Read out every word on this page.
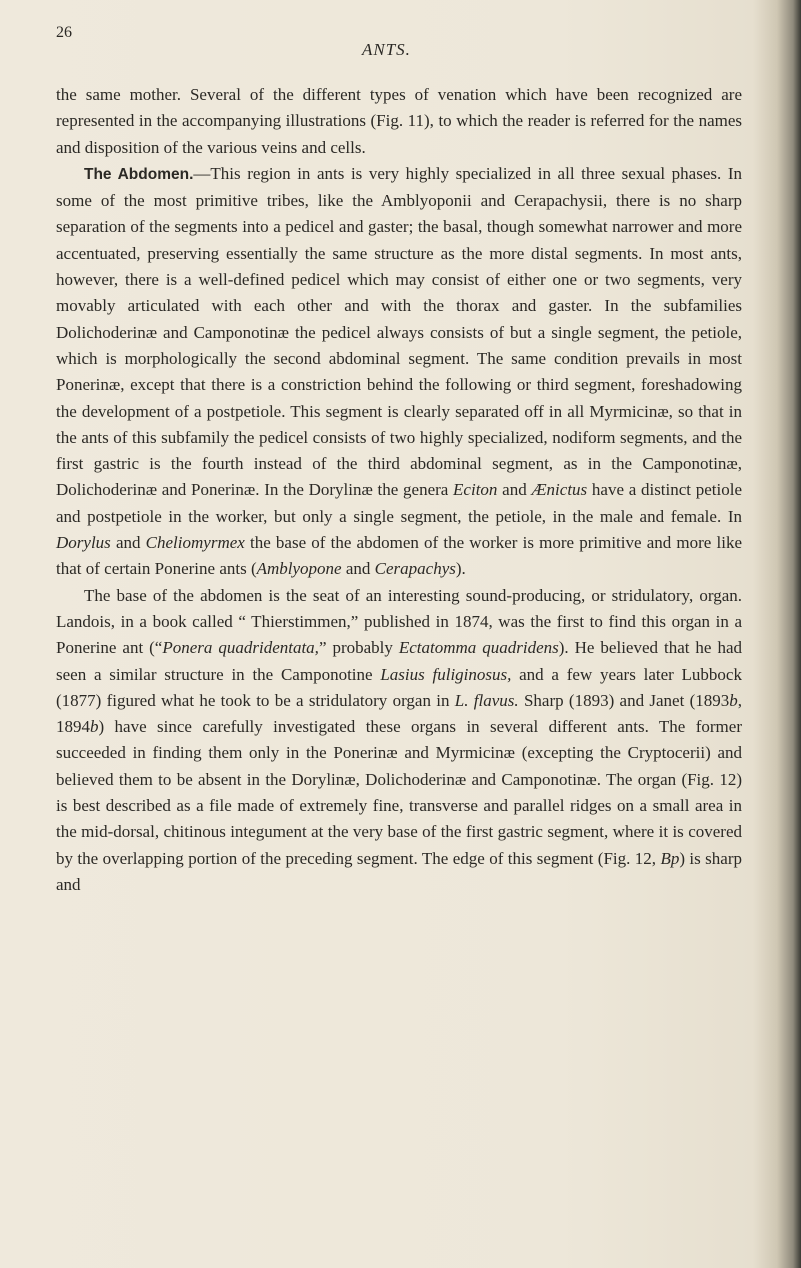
26
ANTS.

the same mother. Several of the different types of venation which have been recognized are represented in the accompanying illustrations (Fig. 11), to which the reader is referred for the names and disposition of the various veins and cells.

The Abdomen.—This region in ants is very highly specialized in all three sexual phases. In some of the most primitive tribes, like the Amblyoponii and Cerapachysii, there is no sharp separation of the segments into a pedicel and gaster; the basal, though somewhat narrower and more accentuated, preserving essentially the same structure as the more distal segments. In most ants, however, there is a well-defined pedicel which may consist of either one or two segments, very movably articulated with each other and with the thorax and gaster. In the subfamilies Dolichoderinæ and Camponotinæ the pedicel always consists of but a single segment, the petiole, which is morphologically the second abdominal segment. The same condition prevails in most Ponerinæ, except that there is a constriction behind the following or third segment, foreshadowing the development of a postpetiole. This segment is clearly separated off in all Myrmicinæ, so that in the ants of this subfamily the pedicel consists of two highly specialized, nodiform segments, and the first gastric is the fourth instead of the third abdominal segment, as in the Camponotinæ, Dolichoderinæ and Ponerinæ. In the Dorylinæ the genera Eciton and Ænictus have a distinct petiole and postpetiole in the worker, but only a single segment, the petiole, in the male and female. In Dorylus and Cheliomyrmex the base of the abdomen of the worker is more primitive and more like that of certain Ponerine ants (Amblyopone and Cerapachys).

The base of the abdomen is the seat of an interesting sound-producing, or stridulatory, organ. Landois, in a book called “ Thierstimmen,” published in 1874, was the first to find this organ in a Ponerine ant (“Ponera quadridentata,” probably Ectatomma quadridens). He believed that he had seen a similar structure in the Camponotine Lasius fuliginosus, and a few years later Lubbock (1877) figured what he took to be a stridulatory organ in L. flavus. Sharp (1893) and Janet (1893b, 1894b) have since carefully investigated these organs in several different ants. The former succeeded in finding them only in the Ponerinæ and Myrmicinæ (excepting the Cryptocerii) and believed them to be absent in the Dorylinæ, Dolichoderinæ and Camponotinæ. The organ (Fig. 12) is best described as a file made of extremely fine, transverse and parallel ridges on a small area in the mid-dorsal, chitinous integument at the very base of the first gastric segment, where it is covered by the overlapping portion of the preceding segment. The edge of this segment (Fig. 12, Bp) is sharp and
